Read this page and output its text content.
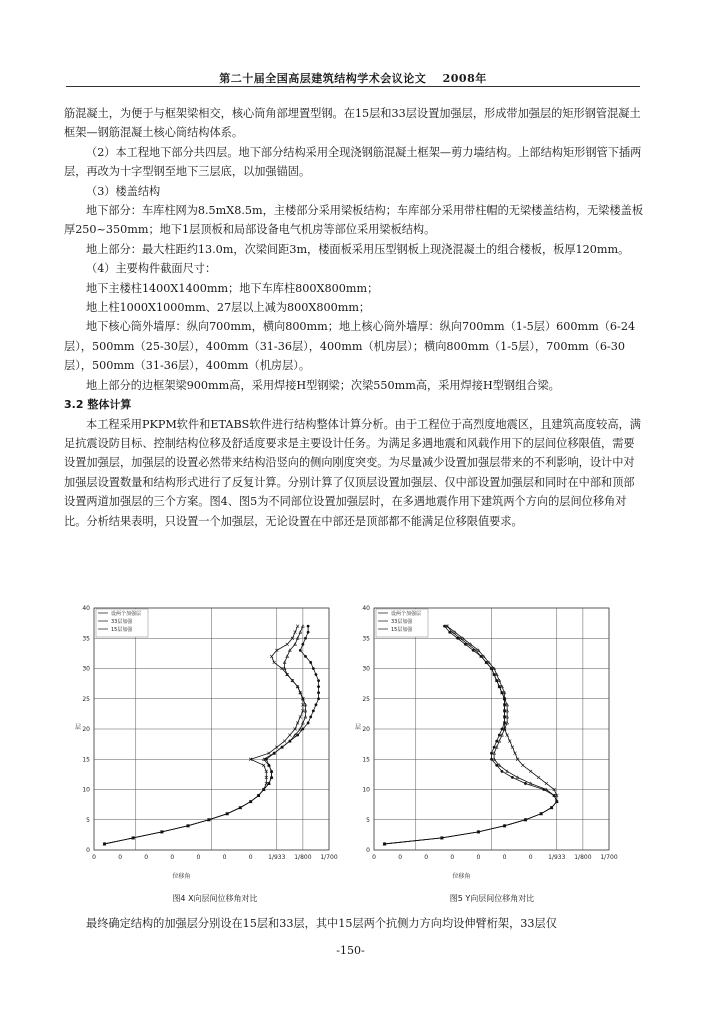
第二十届全国高层建筑结构学术会议论文 2008年

筋混凝土，为便于与框架梁相交，核心筒角部埋置型钢。在15层和33层设置加强层，形成带加强层的矩形钢管混凝土框架—钢筋混凝土核心筒结构体系。

（2）本工程地下部分共四层。地下部分结构采用全现浇钢筋混凝土框架—剪力墙结构。上部结构矩形钢管下插两层，再改为十字型钢至地下三层底，以加强锚固。

（3）楼盖结构

地下部分：车库柱网为8.5mX8.5m，主楼部分采用梁板结构；车库部分采用带柱帽的无梁楼盖结构，无梁楼盖板厚250~350mm；地下1层顶板和局部设备电气机房等部位采用梁板结构。

地上部分：最大柱距约13.0m，次梁间距3m，楼面板采用压型钢板上现浇混凝土的组合楼板，板厚120mm。

（4）主要构件截面尺寸：

地下主楼柱1400X1400mm；地下车库柱800X800mm；

地上柱1000X1000mm、27层以上减为800X800mm；

地下核心筒外墙厚：纵向700mm，横向800mm；地上核心筒外墙厚：纵向700mm（1-5层）600mm（6-24层），500mm（25-30层），400mm（31-36层），400mm（机房层）；横向800mm（1-5层），700mm（6-30层），500mm（31-36层），400mm（机房层）。

地上部分的边框架梁900mm高，采用焊接H型钢梁；次梁550mm高，采用焊接H型钢组合梁。

3.2 整体计算

本工程采用PKPM软件和ETABS软件进行结构整体计算分析。由于工程位于高烈度地震区，且建筑高度较高，满足抗震设防目标、控制结构位移及舒适度要求是主要设计任务。为满足多遇地震和风载作用下的层间位移限值，需要设置加强层，加强层的设置必然带来结构沿竖向的侧向刚度突变。为尽量减少设置加强层带来的不利影响，设计中对加强层设置数量和结构形式进行了反复计算。分别计算了仅顶层设置加强层、仅中部设置加强层和同时在中部和顶部设置两道加强层的三个方案。图4、图5为不同部位设置加强层时，在多遇地震作用下建筑两个方向的层间位移角对比。分析结果表明，只设置一个加强层，无论设置在中部还是顶部都不能满足位移限值要求。

0
5
10
15
20
25
30
35
40
0	0	0	0	0	0	0	1/933 1/800 1/700
位移角
层
设两个加强层
33层加强
15层加强
0
5
10
15
20
25
30
35
40
0	0	0	0	0	0	0	1/933 1/800 1/700
位移角
层
设两个加强层
33层加强
15层加强
图4 X向层间位移角对比	图5 Y向层间位移角对比

最终确定结构的加强层分别设在15层和33层，其中15层两个抗侧力方向均设伸臂桁架，33层仅

-150-
